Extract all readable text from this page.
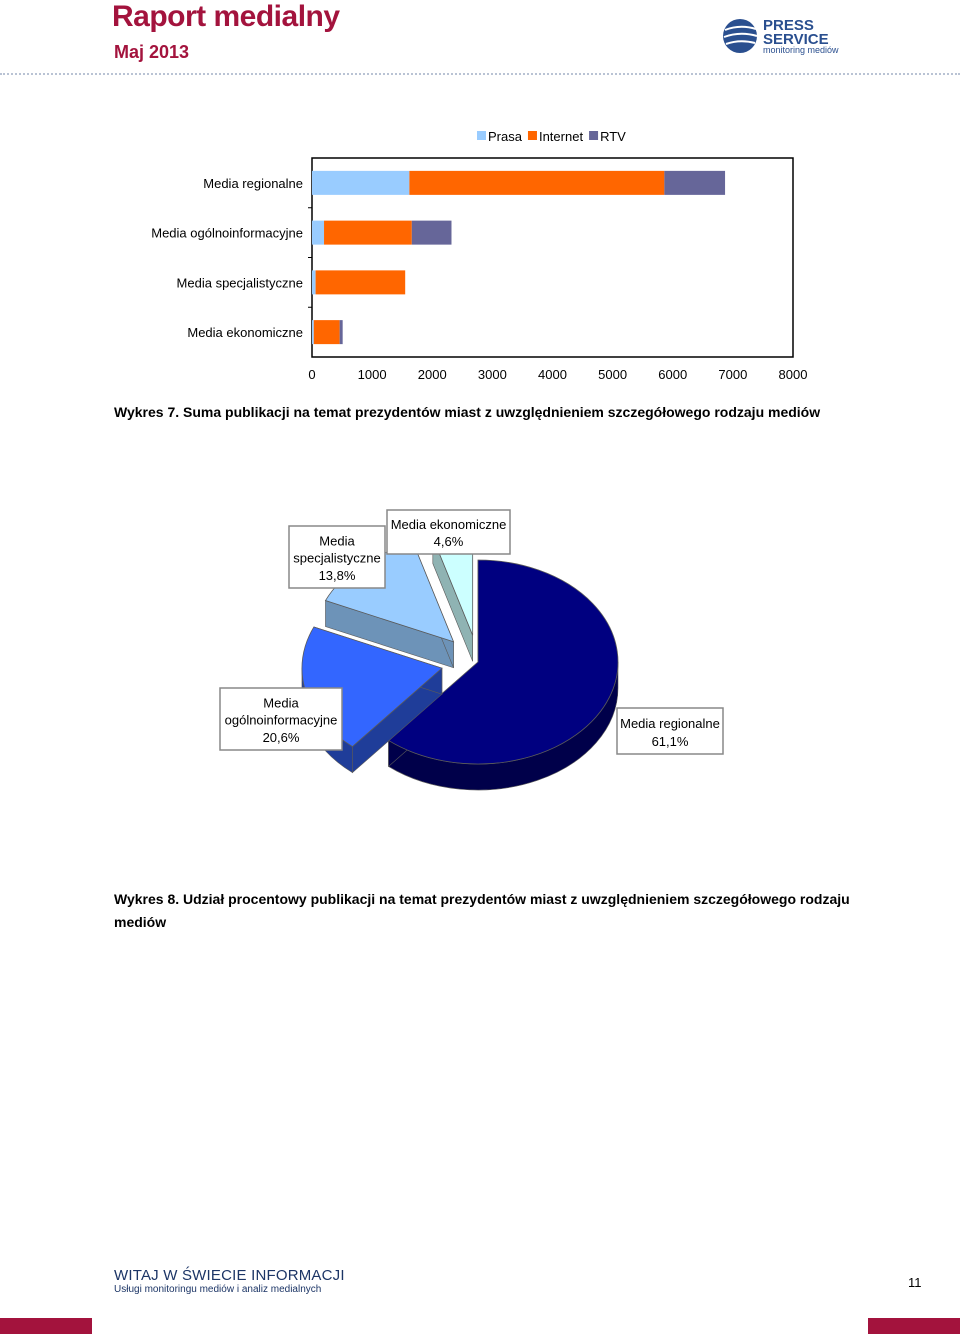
Raport medialny
Maj 2013
PRESS
SERVICE
monitoring mediów
Prasa Internet RTV
Media regionalne
Media ogólnoinformacyjne
Media specjalistyczne
Media ekonomiczne
0	1000 2000 3000 4000 5000 6000 7000 8000
Wykres 7. Suma publikacji na temat prezydentów miast z uwzględnieniem szczegółowego rodzaju mediów
Media regionalne
61,1%
Media
ogólnoinformacyjne
20,6%
Media
specjalistyczne
13,8%
Media ekonomiczne
4,6%
Wykres 8. Udział procentowy publikacji na temat prezydentów miast z uwzględnieniem szczegółowego rodzaju
mediów
WITAJ W ŚWIECIE INFORMACJI
Usługi monitoringu mediów i analiz medialnych	11
